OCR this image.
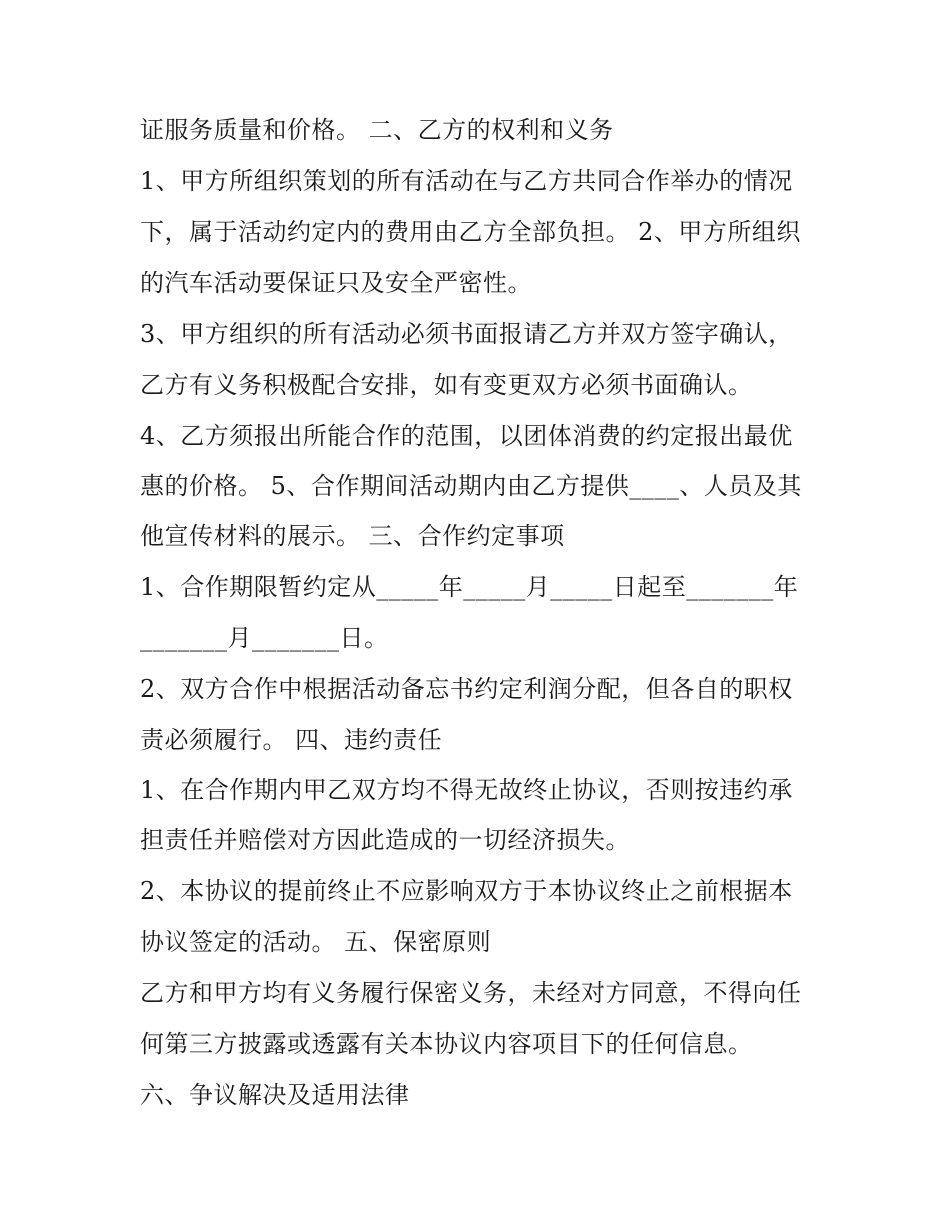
证服务质量和价格。 二、乙方的权利和义务
1、甲方所组织策划的所有活动在与乙方共同合作举办的情况
下，属于活动约定内的费用由乙方全部负担。 2、甲方所组织
的汽车活动要保证只及安全严密性。
3、甲方组织的所有活动必须书面报请乙方并双方签字确认，
乙方有义务积极配合安排，如有变更双方必须书面确认。
4、乙方须报出所能合作的范围，以团体消费的约定报出最优
惠的价格。 5、合作期间活动期内由乙方提供____、人员及其
他宣传材料的展示。 三、合作约定事项
1、合作期限暂约定从_____年_____月_____日起至_______年
_______月_______日。
2、双方合作中根据活动备忘书约定利润分配，但各自的职权
责必须履行。 四、违约责任
1、在合作期内甲乙双方均不得无故终止协议，否则按违约承
担责任并赔偿对方因此造成的一切经济损失。
2、本协议的提前终止不应影响双方于本协议终止之前根据本
协议签定的活动。 五、保密原则
乙方和甲方均有义务履行保密义务，未经对方同意，不得向任
何第三方披露或透露有关本协议内容项目下的任何信息。
六、争议解决及适用法律
